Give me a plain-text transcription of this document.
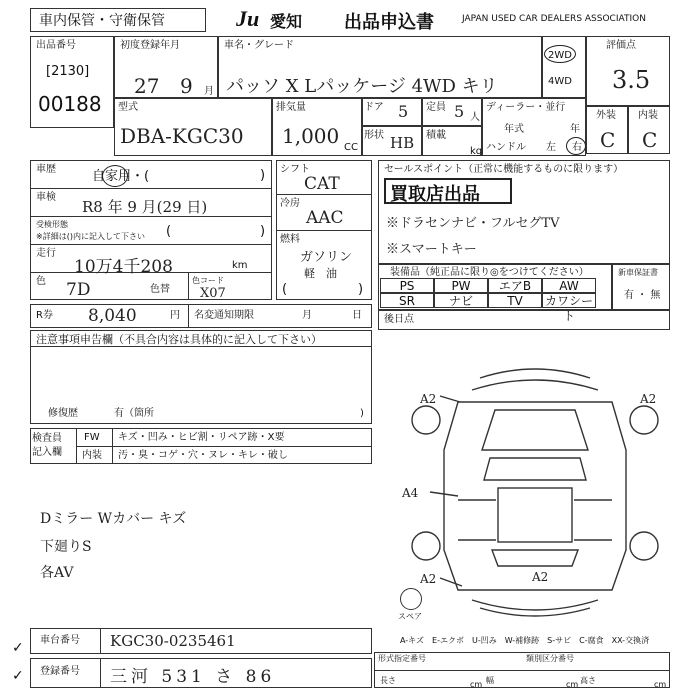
車内保管・守衛保管	Ju 愛知 出品申込書	JAPAN USED CAR DEALERS ASSOCIATION
出品番号
[2130]
00188
初度登録年月
27 9 月
車名・グレード
パッソ X Lパッケージ 4WD キリ
2WD
4WD
評価点
3.5
外装 内装
C C
型式
DBA-KGC30
排気量
1,000 CC
ドア 5 定員 5 人
形状 HB 積載
kg
ディーラー・並行
年式	年
ハンドル 左 右
車歴	自家用・(	)
車検
R8 年 9 月(29 日)
受検形態
※詳細は()内に記入して下さい (	)
走行
10万4千208	km
色 7D	色替
色コード
X07
R券 8,040	円 名変通知期限	月	日
シフト
CAT
冷房
AAC
燃料
ガソリン
軽　油
(	)
セールスポイント（正常に機能するものに限ります）
買取店出品
※ドラセンナビ・フルセグTV
※スマートキー
装備品（純正品に限り◎をつけてください）
PS	PW	エアB	AW
SR	ナビ	TV	カワシート
新車保証書
有 ・ 無
注意事項申告欄（不具合内容は具体的に記入して下さい）
修復歴	有（箇所	)
後日点
検査員
記入欄
FW キズ・凹み・ヒビ割・リペア跡・X要
内装 汚・臭・コゲ・穴・ヌレ・キレ・破し
Dミラー Wカバー キズ
下廻りS
各AV
A2	A2
A4
A2	A2
スペア
A-キズ　E-エクボ　U-凹み　W-補修跡　S-サビ　C-腐食　XX-交換済
車台番号 KGC30-0235461
登録番号 三河 531 さ 86
✓
✓
形式指定番号	類別区分番号
長さ	cm 幅	cm 高さ	cm
